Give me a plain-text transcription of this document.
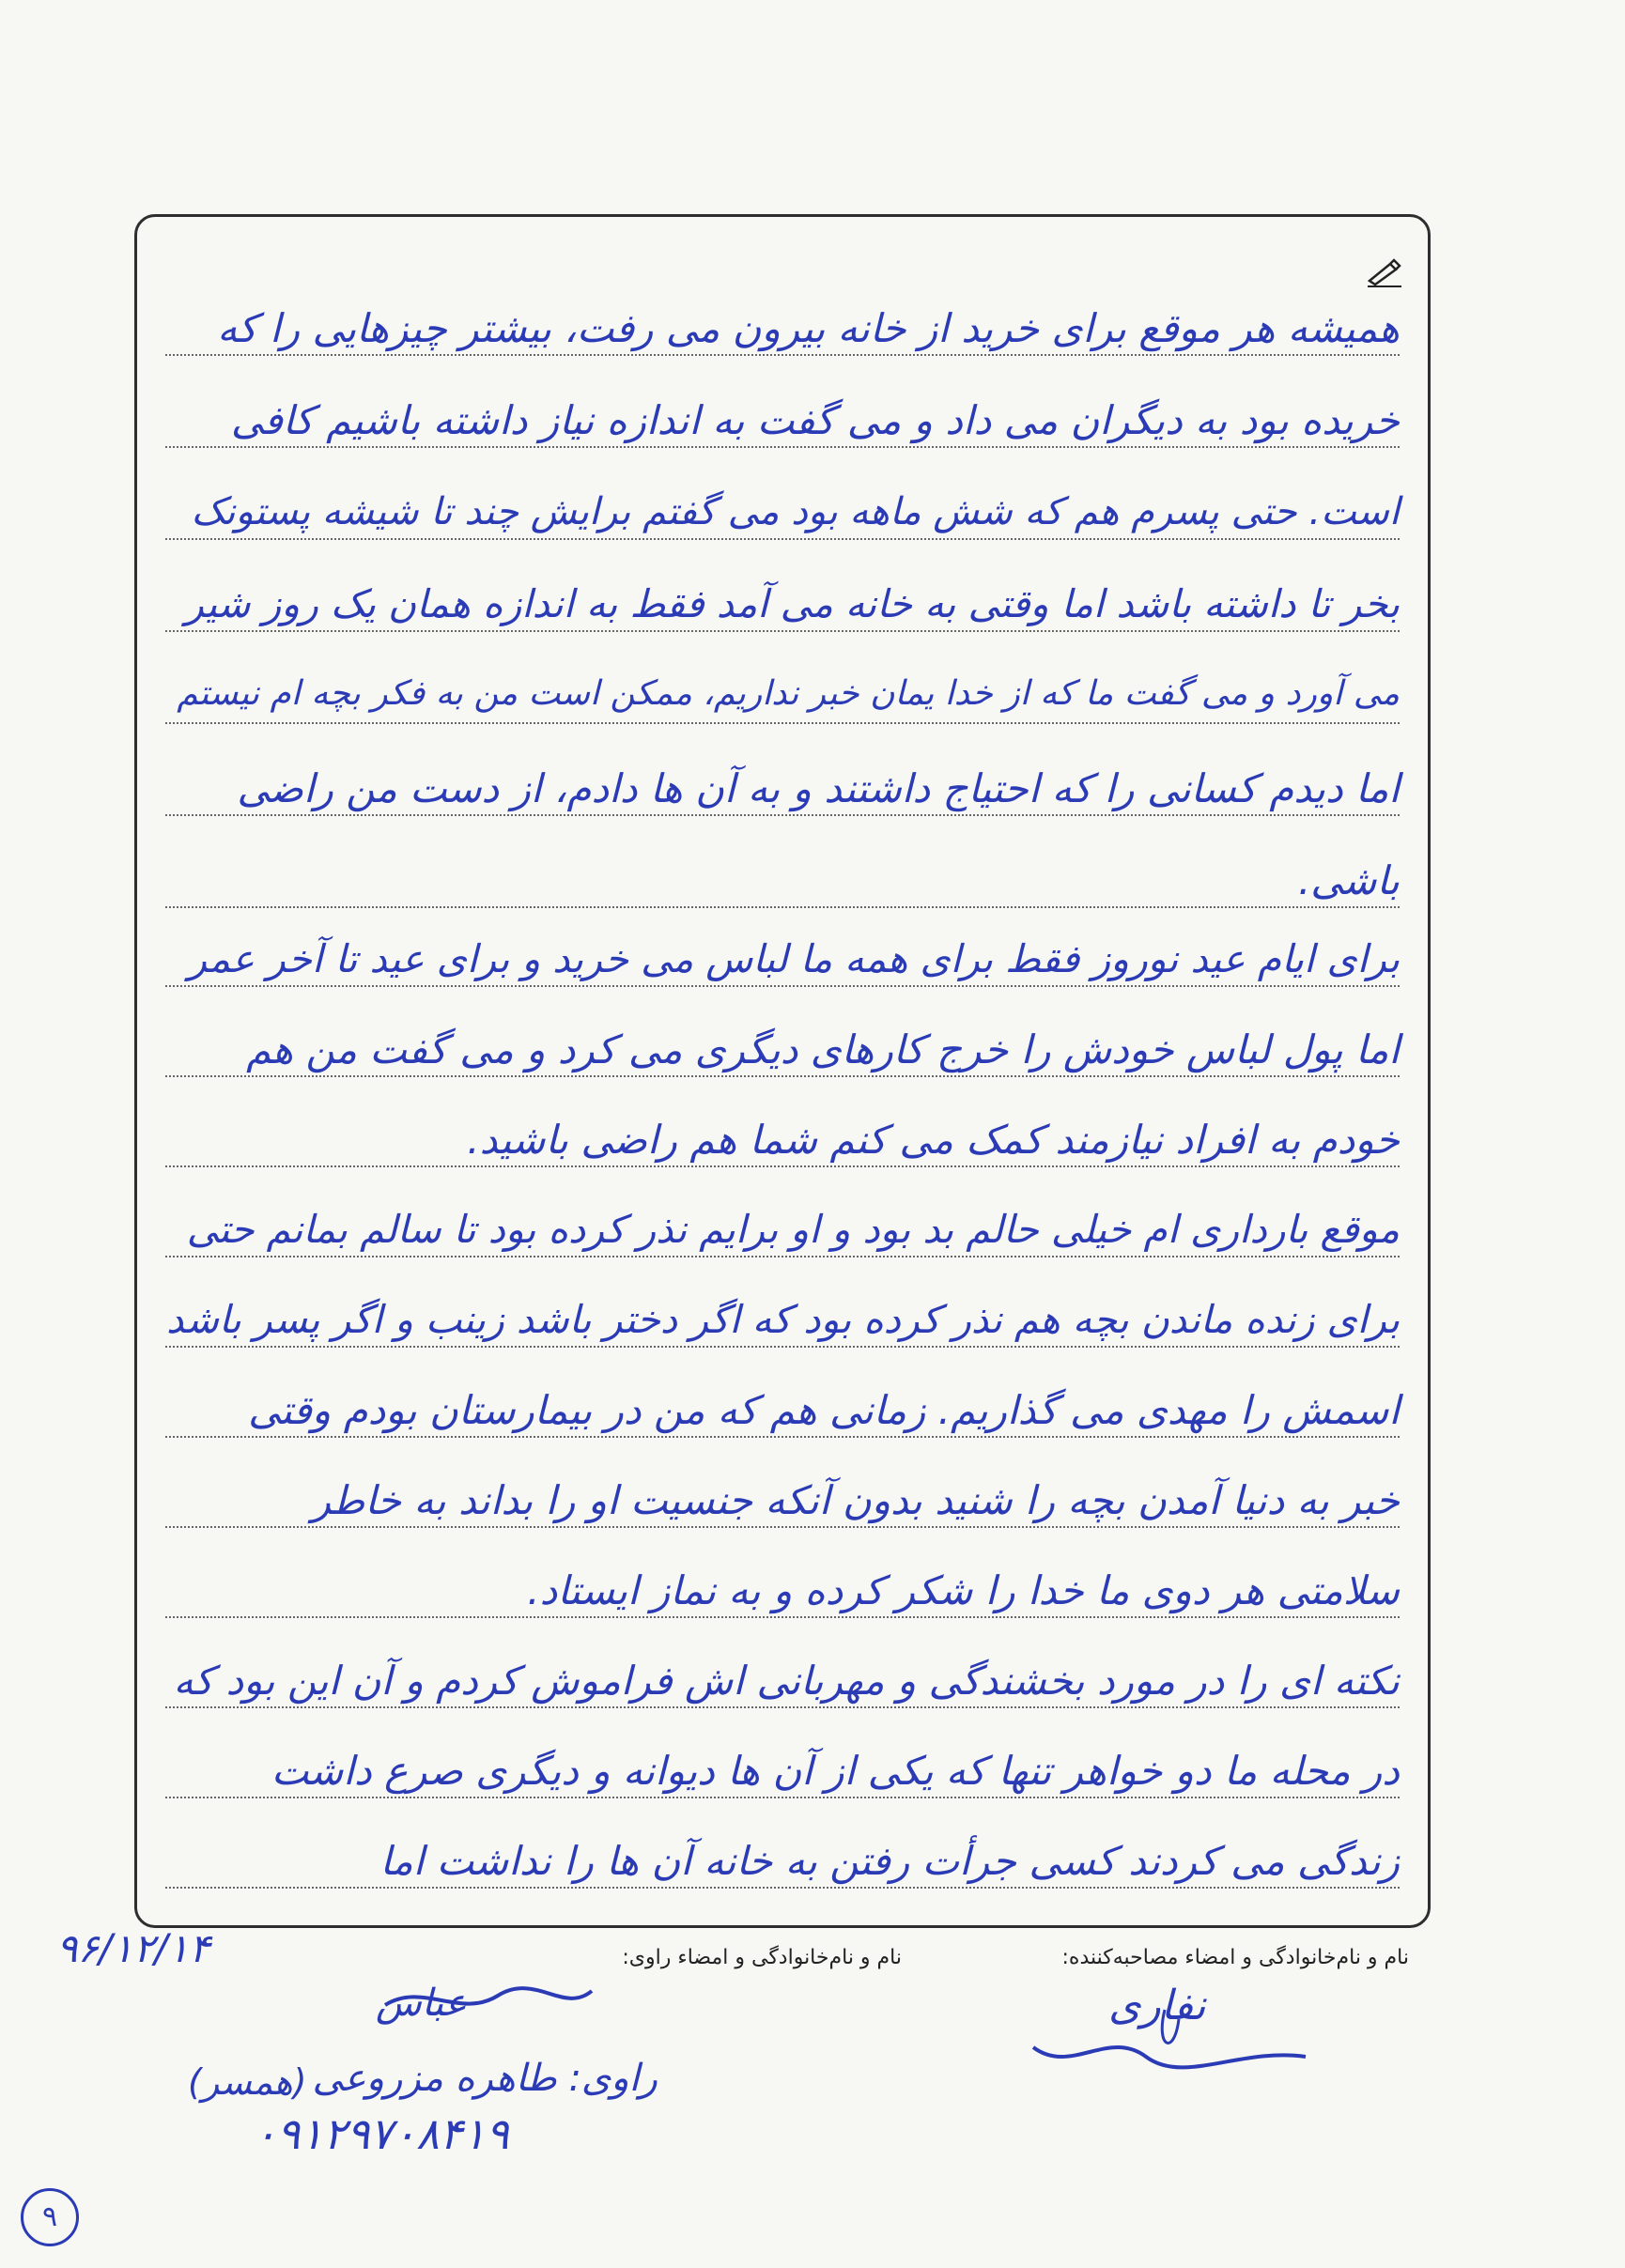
همیشه هر موقع برای خرید از خانه بیرون می رفت، بیشتر چیزهایی را که
خریده بود به دیگران می داد و می گفت به اندازه نیاز داشته باشیم کافی
است. حتی پسرم هم که شش ماهه بود می گفتم برایش چند تا شیشه پستونک
بخر تا داشته باشد اما وقتی به خانه می آمد فقط به اندازه همان یک روز شیر
می آورد و می گفت ما که از خدا یمان خبر نداریم، ممکن است من به فکر بچه ام نیستم
اما دیدم کسانی را که احتیاج داشتند و به آن ها دادم، از دست من راضی
باشی.
برای ایام عید نوروز فقط برای همه ما لباس می خرید و برای عید تا آخر عمر
اما پول لباس خودش را خرج کارهای دیگری می کرد و می گفت من هم
خودم به افراد نیازمند کمک می کنم شما هم راضی باشید.
موقع بارداری ام خیلی حالم بد بود و او برایم نذر کرده بود تا سالم بمانم حتی
برای زنده ماندن بچه هم نذر کرده بود که اگر دختر باشد زینب و اگر پسر باشد
اسمش را مهدی می گذاریم. زمانی هم که من در بیمارستان بودم وقتی
خبر به دنیا آمدن بچه را شنید بدون آنکه جنسیت او را بداند به خاطر
سلامتی هر دوی ما خدا را شکر کرده و به نماز ایستاد.
نکته ای را در مورد بخشندگی و مهربانی اش فراموش کردم و آن این بود که
در محله ما دو خواهر تنها که یکی از آن ها دیوانه و دیگری صرع داشت
زندگی می کردند کسی جرأت رفتن به خانه آن ها را نداشت اما
نام و نام‌خانوادگی و امضاء مصاحبه‌کننده:
نام و نام‌خانوادگی و امضاء راوی:
نفاری
عباس
۹۶/۱۲/۱۴
راوی: طاهره مزروعی
(همسر)
۰۹۱۲۹۷۰۸۴۱۹
۹
